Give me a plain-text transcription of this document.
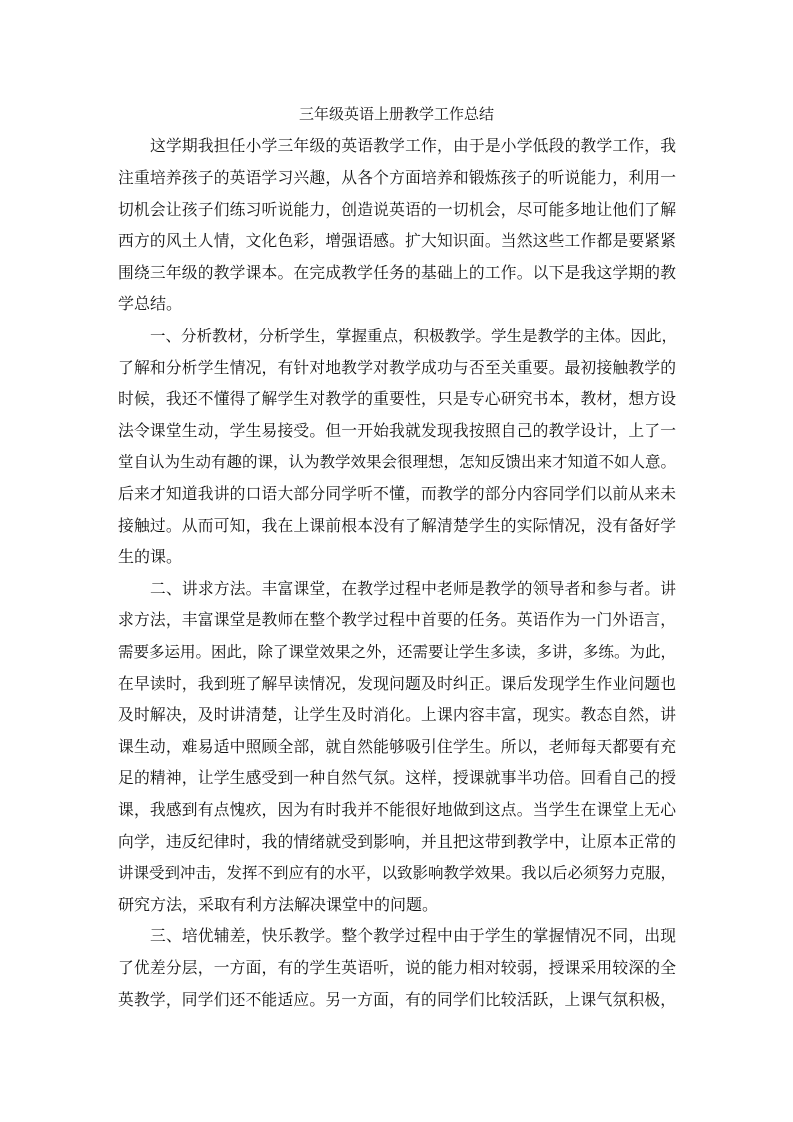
三年级英语上册教学工作总结
这学期我担任小学三年级的英语教学工作，由于是小学低段的教学工作，我
注重培养孩子的英语学习兴趣，从各个方面培养和锻炼孩子的听说能力，利用一
切机会让孩子们练习听说能力，创造说英语的一切机会，尽可能多地让他们了解
西方的风土人情，文化色彩，增强语感。扩大知识面。当然这些工作都是要紧紧
围绕三年级的教学课本。在完成教学任务的基础上的工作。以下是我这学期的教
学总结。
一、分析教材，分析学生，掌握重点，积极教学。学生是教学的主体。因此，
了解和分析学生情况，有针对地教学对教学成功与否至关重要。最初接触教学的
时候，我还不懂得了解学生对教学的重要性，只是专心研究书本，教材，想方设
法令课堂生动，学生易接受。但一开始我就发现我按照自己的教学设计，上了一
堂自认为生动有趣的课，认为教学效果会很理想，怎知反馈出来才知道不如人意。
后来才知道我讲的口语大部分同学听不懂，而教学的部分内容同学们以前从来未
接触过。从而可知，我在上课前根本没有了解清楚学生的实际情况，没有备好学
生的课。
二、讲求方法。丰富课堂，在教学过程中老师是教学的领导者和参与者。讲
求方法，丰富课堂是教师在整个教学过程中首要的任务。英语作为一门外语言，
需要多运用。困此，除了课堂效果之外，还需要让学生多读，多讲，多练。为此，
在早读时，我到班了解早读情况，发现问题及时纠正。课后发现学生作业问题也
及时解决，及时讲清楚，让学生及时消化。上课内容丰富，现实。教态自然，讲
课生动，难易适中照顾全部，就自然能够吸引住学生。所以，老师每天都要有充
足的精神，让学生感受到一种自然气氛。这样，授课就事半功倍。回看自己的授
课，我感到有点愧疚，因为有时我并不能很好地做到这点。当学生在课堂上无心
向学，违反纪律时，我的情绪就受到影响，并且把这带到教学中，让原本正常的
讲课受到冲击，发挥不到应有的水平，以致影响教学效果。我以后必须努力克服，
研究方法，采取有利方法解决课堂中的问题。
三、培优辅差，快乐教学。整个教学过程中由于学生的掌握情况不同，出现
了优差分层，一方面，有的学生英语听，说的能力相对较弱，授课采用较深的全
英教学，同学们还不能适应。另一方面，有的同学们比较活跃，上课气氛积极，
